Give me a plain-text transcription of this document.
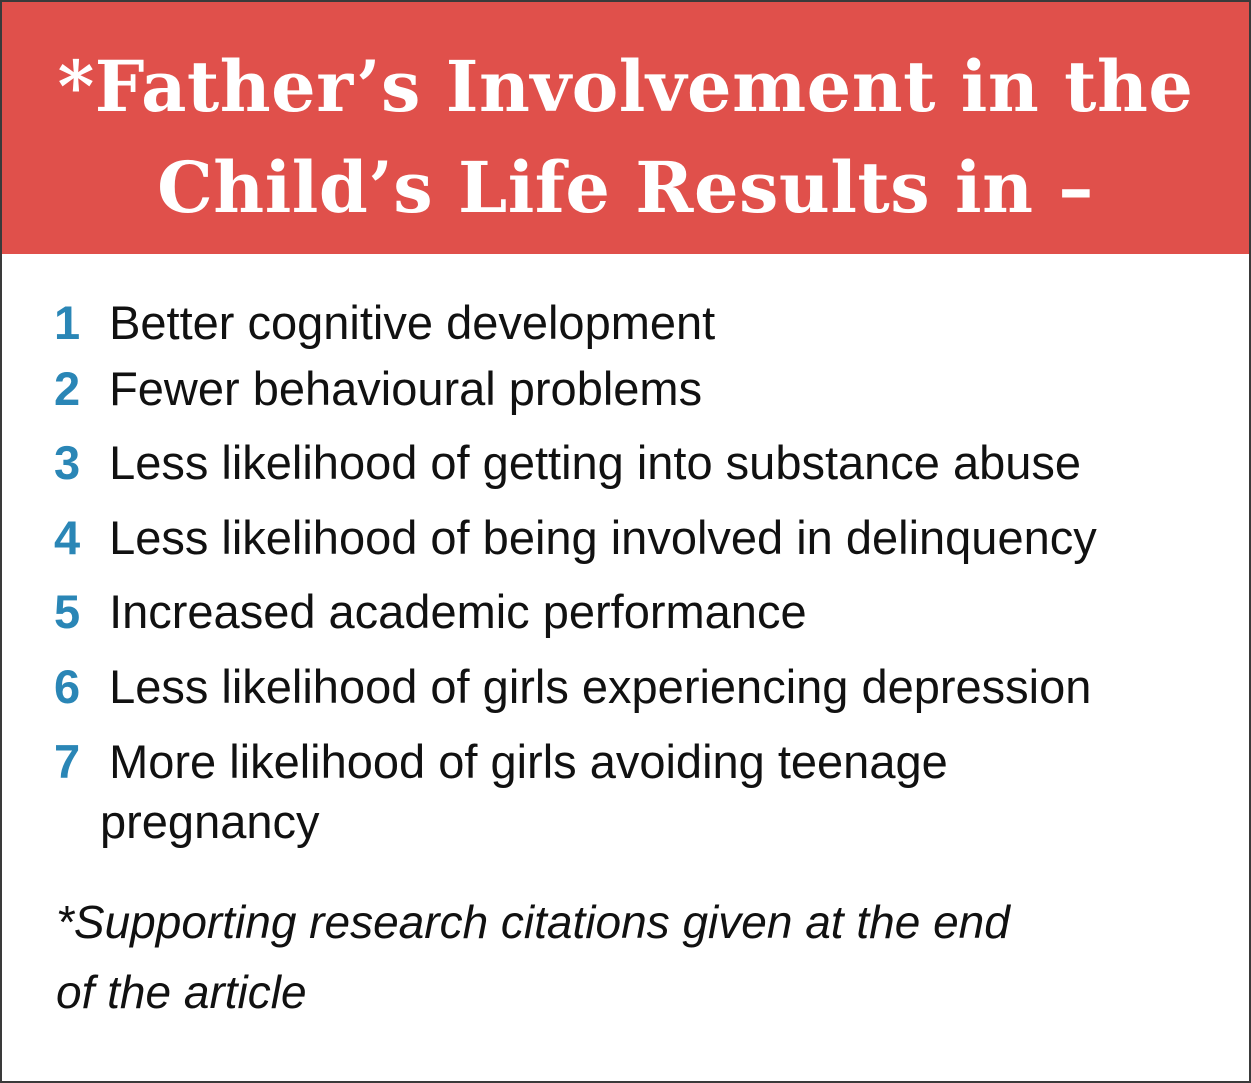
*Father’s Involvement in the
Child’s Life Results in –
1 Better cognitive development
2 Fewer behavioural problems
3 Less likelihood of getting into substance abuse
4 Less likelihood of being involved in delinquency
5 Increased academic performance
6 Less likelihood of girls experiencing depression
7 More likelihood of girls avoiding teenage
pregnancy
*Supporting research citations given at the end
of the article
